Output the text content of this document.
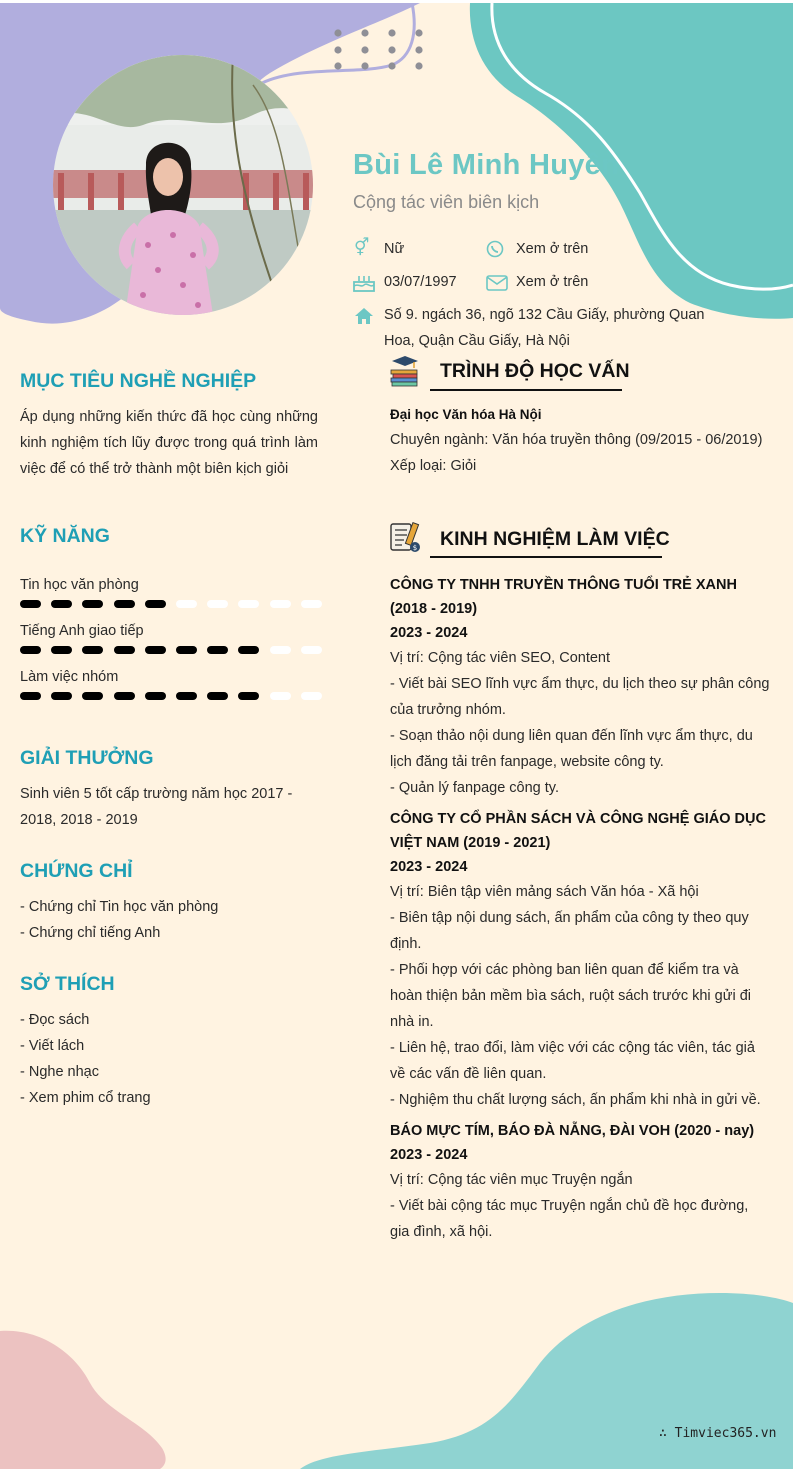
Bùi Lê Minh Huyền

Cộng tác viên biên kịch

⚥ Nữ	Xem ở trên
03/07/1997	Xem ở trên
Số 9. ngách 36, ngõ 132 Cầu Giấy, phường Quan Hoa, Quận Cầu Giấy, Hà Nội
MỤC TIÊU NGHỀ NGHIỆP

Áp dụng những kiến thức đã học cùng những kinh nghiệm tích lũy được trong quá trình làm việc để có thể trở thành một biên kịch giỏi

KỸ NĂNG
Tin học văn phòng
Tiếng Anh giao tiếp
Làm việc nhóm
GIẢI THƯỞNG

Sinh viên 5 tốt cấp trường năm học 2017 - 2018, 2018 - 2019

CHỨNG CHỈ
- Chứng chỉ Tin học văn phòng
- Chứng chỉ tiếng Anh
SỞ THÍCH
- Đọc sách
- Viết lách
- Nghe nhạc
- Xem phim cổ trang
TRÌNH ĐỘ HỌC VẤN
Đại học Văn hóa Hà Nội
Chuyên ngành: Văn hóa truyền thông (09/2015 - 06/2019)
Xếp loại: Giỏi
$ KINH NGHIỆM LÀM VIỆC
CÔNG TY TNHH TRUYỀN THÔNG TUỔI TRẺ XANH (2018 - 2019)
2023 - 2024
Vị trí: Cộng tác viên SEO, Content
- Viết bài SEO lĩnh vực ẩm thực, du lịch theo sự phân công của trưởng nhóm.
- Soạn thảo nội dung liên quan đến lĩnh vực ẩm thực, du lịch đăng tải trên fanpage, website công ty.
- Quản lý fanpage công ty.
CÔNG TY CỔ PHẦN SÁCH VÀ CÔNG NGHỆ GIÁO DỤC VIỆT NAM (2019 - 2021)
2023 - 2024
Vị trí: Biên tập viên mảng sách Văn hóa - Xã hội
- Biên tập nội dung sách, ấn phẩm của công ty theo quy định.
- Phối hợp với các phòng ban liên quan để kiểm tra và hoàn thiện bản mềm bìa sách, ruột sách trước khi gửi đi nhà in.
- Liên hệ, trao đổi, làm việc với các cộng tác viên, tác giả về các vấn đề liên quan.
- Nghiệm thu chất lượng sách, ấn phẩm khi nhà in gửi về.
BÁO MỰC TÍM, BÁO ĐÀ NẴNG, ĐÀI VOH (2020 - nay)
2023 - 2024
Vị trí: Cộng tác viên mục Truyện ngắn
- Viết bài cộng tác mục Truyện ngắn chủ đề học đường, gia đình, xã hội.
∴ Timviec365.vn
